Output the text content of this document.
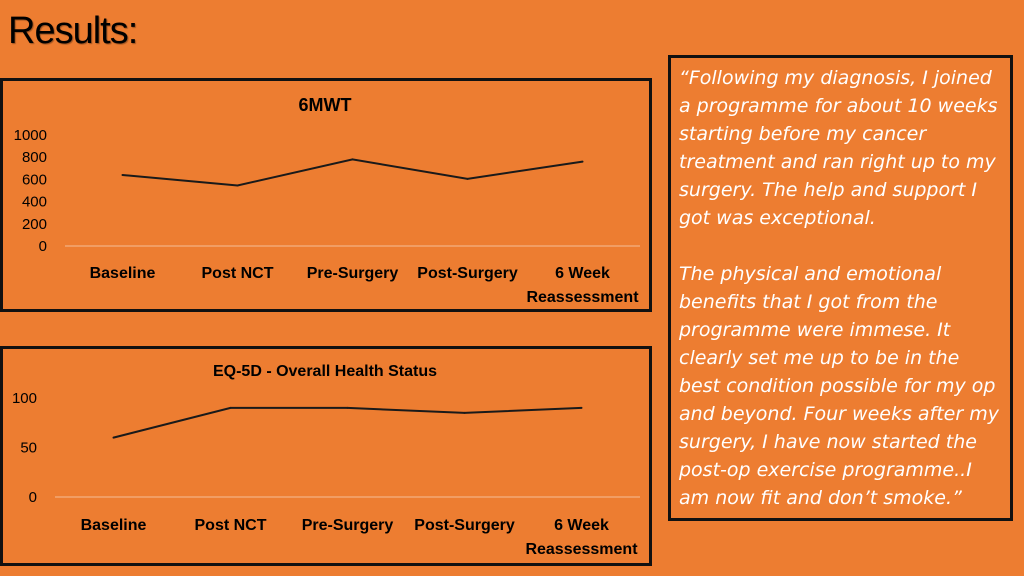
Results:
6MWT
0
200
400
600
800
1000
Baseline	Post NCT Pre-Surgery Post-Surgery	6 Week Reassessment
EQ-5D - Overall Health Status
0
50
100
Baseline	Post NCT Pre-Surgery Post-Surgery	6 Week Reassessment

“Following my diagnosis, I joined a programme for about 10 weeks starting before my cancer treatment and ran right up to my surgery. The help and support I got was exceptional.

The physical and emotional benefits that I got from the programme were immese. It clearly set me up to be in the best condition possible for my op and beyond. Four weeks after my surgery, I have now started the post-op exercise programme..I am now fit and don’t smoke.”
